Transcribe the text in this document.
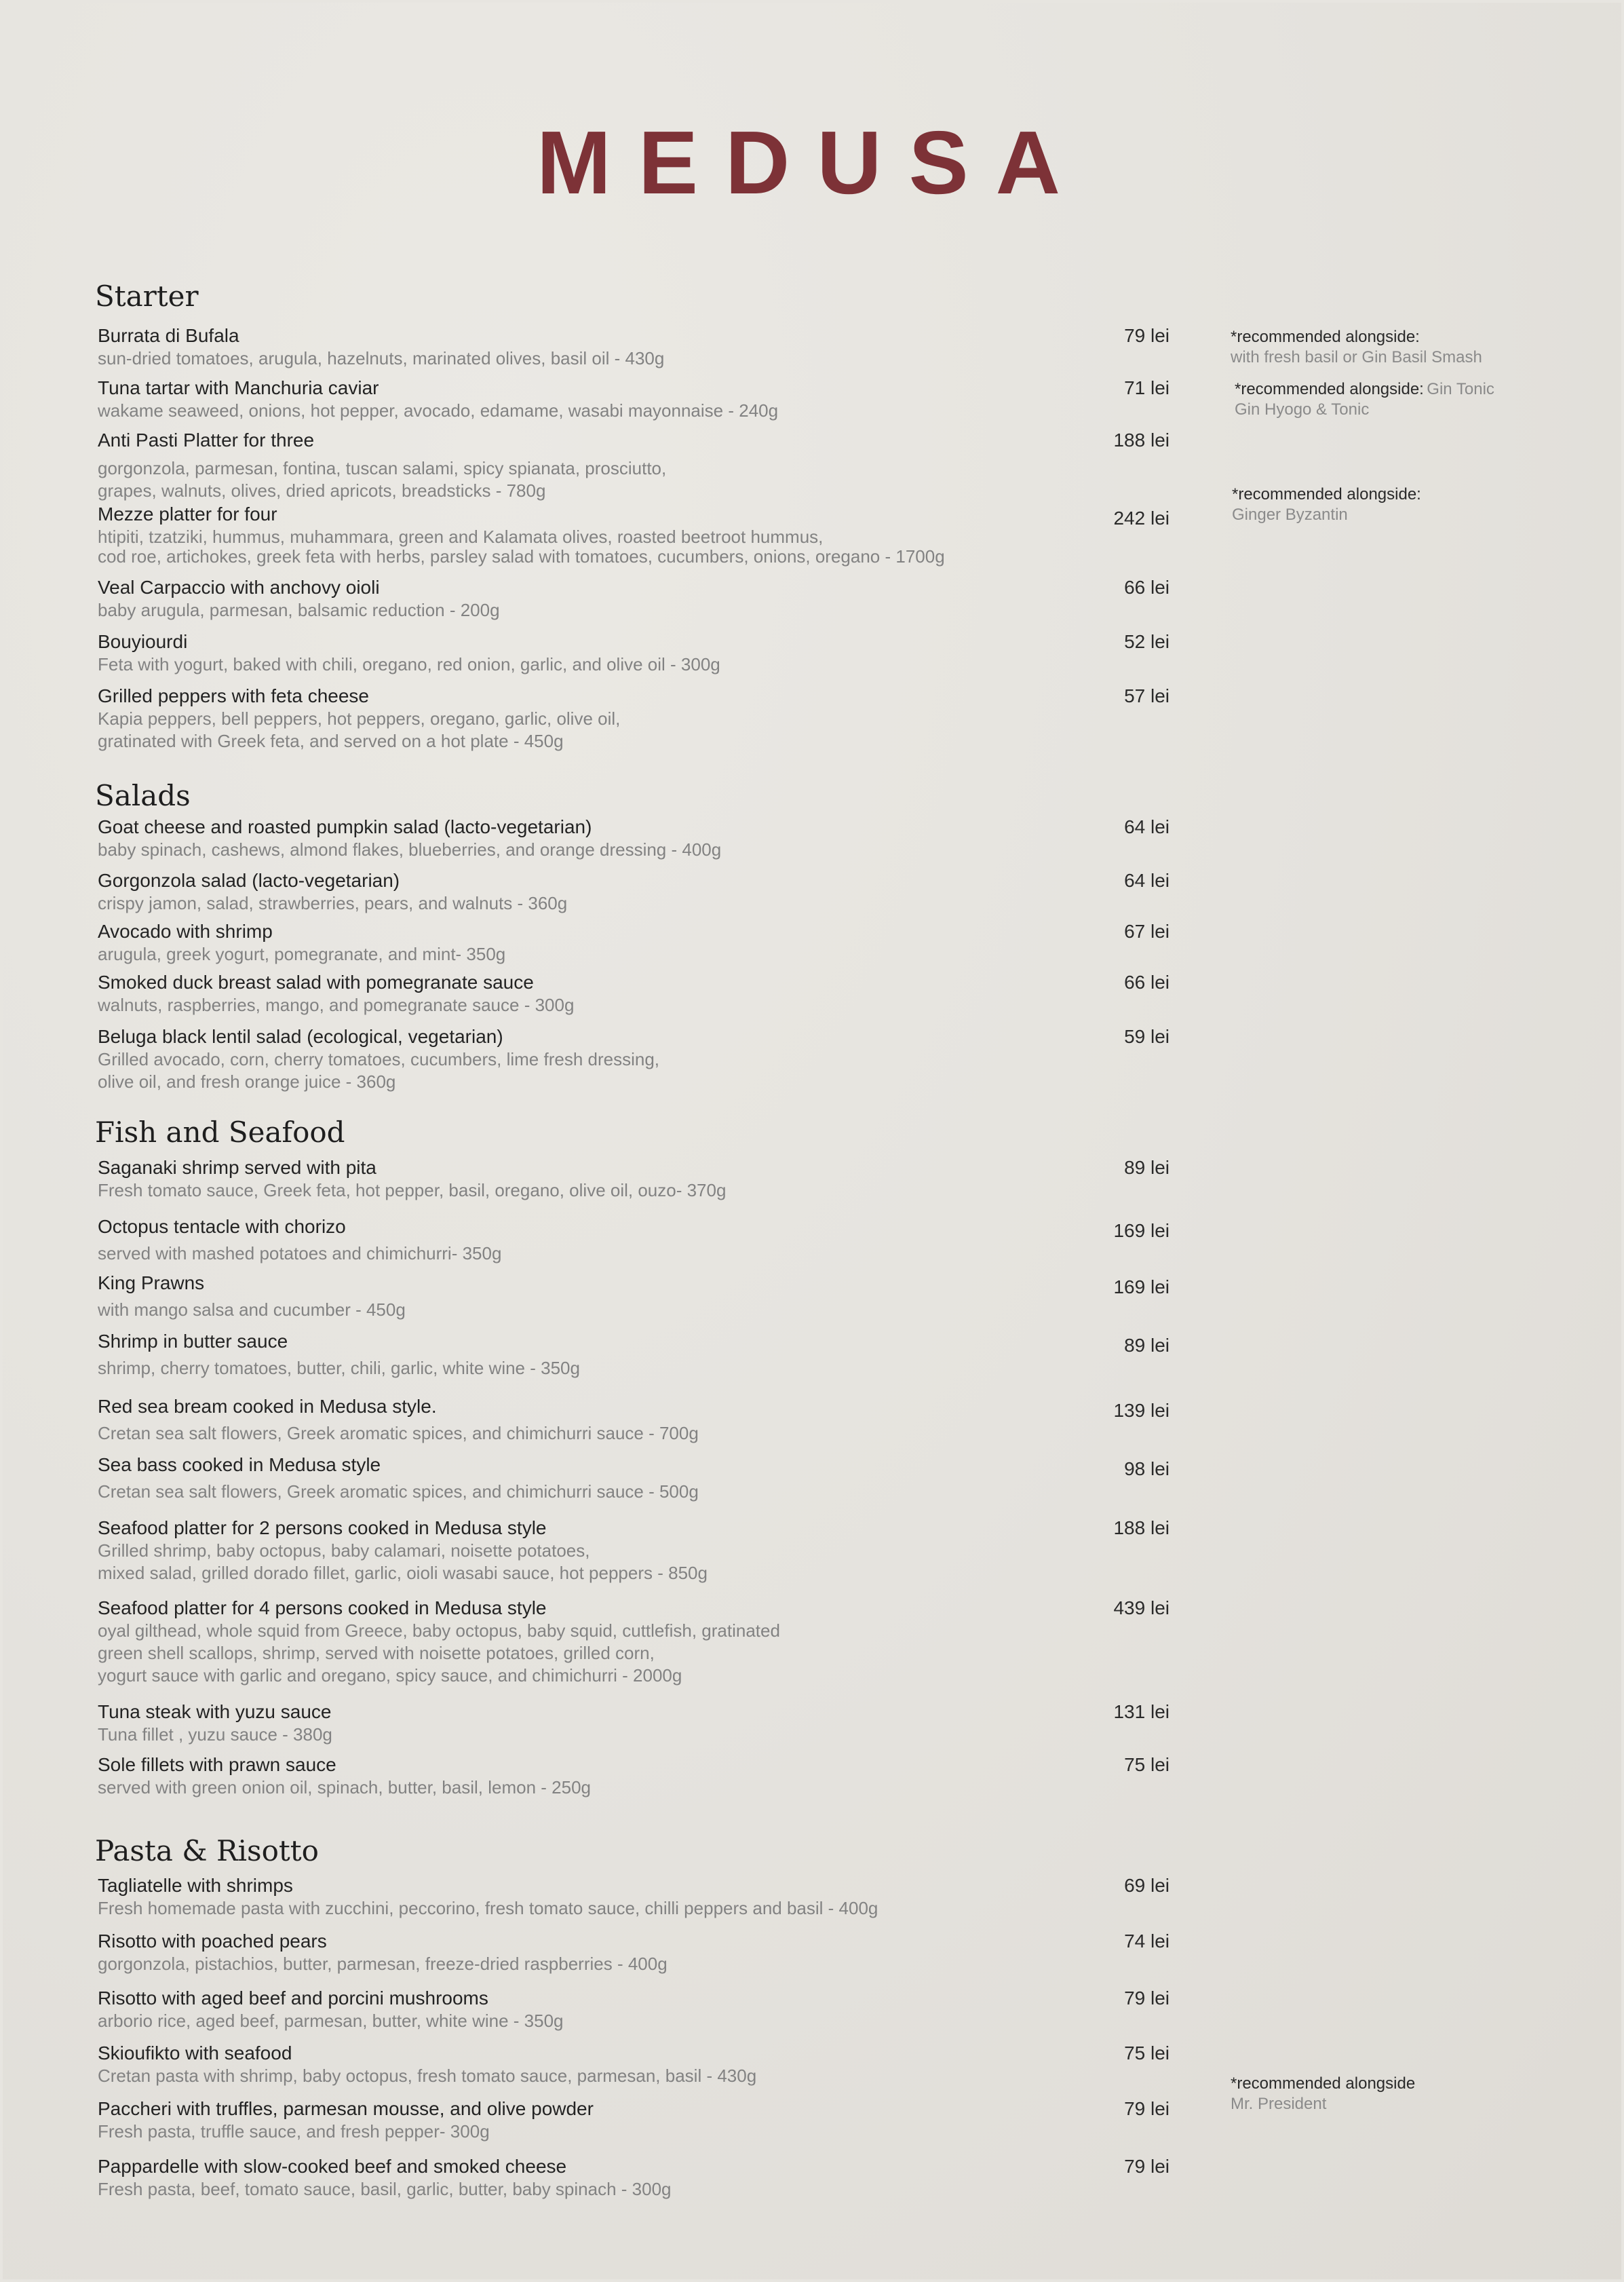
MEDUSA
Starter
Burrata di Bufala
sun-dried tomatoes, arugula, hazelnuts, marinated olives, basil oil - 430g
79 lei
Tuna tartar with Manchuria caviar
wakame seaweed, onions, hot pepper, avocado, edamame, wasabi mayonnaise - 240g
71 lei
Anti Pasti Platter for three
gorgonzola, parmesan, fontina, tuscan salami, spicy spianata, prosciutto,
grapes, walnuts, olives, dried apricots, breadsticks - 780g
188 lei
Mezze platter for four
htipiti, tzatziki, hummus, muhammara, green and Kalamata olives, roasted beetroot hummus,
cod roe, artichokes, greek feta with herbs, parsley salad with tomatoes, cucumbers, onions, oregano - 1700g
242 lei
Veal Carpaccio with anchovy oioli
baby arugula, parmesan, balsamic reduction - 200g
66 lei
Bouyiourdi
Feta with yogurt, baked with chili, oregano, red onion, garlic, and olive oil - 300g
52 lei
Grilled peppers with feta cheese
Kapia peppers, bell peppers, hot peppers, oregano, garlic, olive oil,
gratinated with Greek feta, and served on a hot plate - 450g
57 lei
Salads
Goat cheese and roasted pumpkin salad (lacto-vegetarian)
baby spinach, cashews, almond flakes, blueberries, and orange dressing - 400g
64 lei
Gorgonzola salad (lacto-vegetarian)
crispy jamon, salad, strawberries, pears, and walnuts - 360g
64 lei
Avocado with shrimp
arugula, greek yogurt, pomegranate, and mint- 350g
67 lei
Smoked duck breast salad with pomegranate sauce
walnuts, raspberries, mango, and pomegranate sauce - 300g
66 lei
Beluga black lentil salad (ecological, vegetarian)
Grilled avocado, corn, cherry tomatoes, cucumbers, lime fresh dressing,
olive oil, and fresh orange juice - 360g
59 lei
Fish and Seafood
Saganaki shrimp served with pita
Fresh tomato sauce, Greek feta, hot pepper, basil, oregano, olive oil, ouzo- 370g
89 lei
Octopus tentacle with chorizo
served with mashed potatoes and chimichurri- 350g
169 lei
King Prawns
with mango salsa and cucumber - 450g
169 lei
Shrimp in butter sauce
shrimp, cherry tomatoes, butter, chili, garlic, white wine - 350g
89 lei
Red sea bream cooked in Medusa style.
Cretan sea salt flowers, Greek aromatic spices, and chimichurri sauce - 700g
139 lei
Sea bass cooked in Medusa style
Cretan sea salt flowers, Greek aromatic spices, and chimichurri sauce - 500g
98 lei
Seafood platter for 2 persons cooked in Medusa style
Grilled shrimp, baby octopus, baby calamari, noisette potatoes,
mixed salad, grilled dorado fillet, garlic, oioli wasabi sauce, hot peppers - 850g
188 lei
Seafood platter for 4 persons cooked in Medusa style
oyal gilthead, whole squid from Greece, baby octopus, baby squid, cuttlefish, gratinated
green shell scallops, shrimp, served with noisette potatoes, grilled corn,
yogurt sauce with garlic and oregano, spicy sauce, and chimichurri - 2000g
439 lei
Tuna steak with yuzu sauce
Tuna fillet , yuzu sauce - 380g
131 lei
Sole fillets with prawn sauce
served with green onion oil, spinach, butter, basil, lemon - 250g
75 lei
Pasta & Risotto
Tagliatelle with shrimps
Fresh homemade pasta with zucchini, peccorino, fresh tomato sauce, chilli peppers and basil - 400g
69 lei
Risotto with poached pears
gorgonzola, pistachios, butter, parmesan, freeze-dried raspberries - 400g
74 lei
Risotto with aged beef and porcini mushrooms
arborio rice, aged beef, parmesan, butter, white wine - 350g
79 lei
Skioufikto with seafood
Cretan pasta with shrimp, baby octopus, fresh tomato sauce, parmesan, basil - 430g
75 lei
Paccheri with truffles, parmesan mousse, and olive powder
Fresh pasta, truffle sauce, and fresh pepper- 300g
79 lei
Pappardelle with slow-cooked beef and smoked cheese
Fresh pasta, beef, tomato sauce, basil, garlic, butter, baby spinach - 300g
79 lei
*recommended alongside:
with fresh basil or Gin Basil Smash
*recommended alongside: Gin Tonic
Gin Hyogo & Tonic
*recommended alongside:
Ginger Byzantin
*recommended alongside
Mr. President
